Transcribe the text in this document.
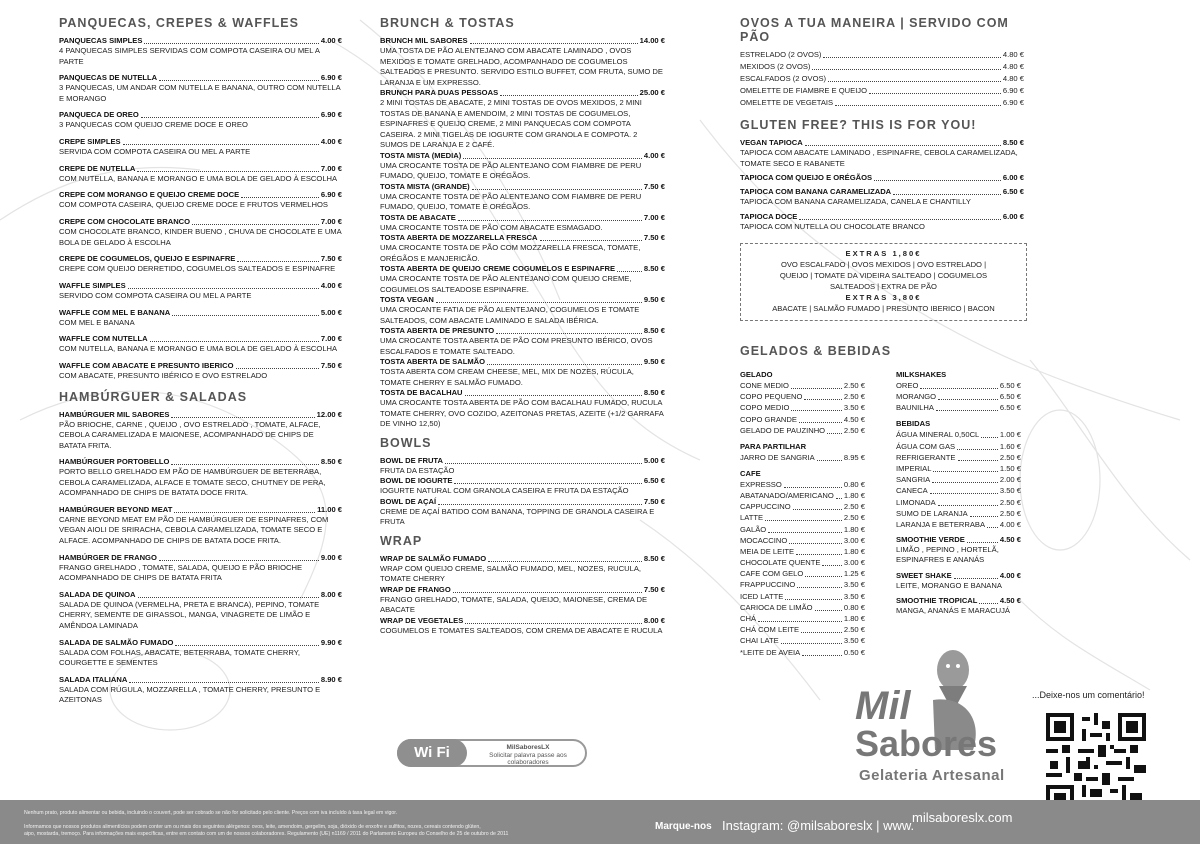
PANQUECAS, CREPES & WAFFLES
PANQUECAS SIMPLES	4.00 €
4 PANQUECAS SIMPLES SERVIDAS COM COMPOTA CASEIRA OU MEL A PARTE
PANQUECAS DE NUTELLA	6.90 €
3 PANQUECAS, UM ANDAR COM NUTELLA E BANANA, OUTRO COM NUTELLA E MORANGO
PANQUECA DE OREO	6.90 €
3 PANQUECAS COM QUEIJO CREME DOCE E OREO
CREPE SIMPLES	4.00 €
SERVIDA COM COMPOTA CASEIRA OU MEL A PARTE
CREPE DE NUTELLA	7.00 €
COM NUTELLA, BANANA E MORANGO E UMA BOLA DE GELADO À ESCOLHA
CREPE COM MORANGO E QUEIJO CREME DOCE	6.90 €
COM COMPOTA CASEIRA, QUEIJO CREME DOCE E FRUTOS VERMELHOS
CREPE COM CHOCOLATE BRANCO	7.00 €
COM CHOCOLATE BRANCO, KINDER BUENO , CHUVA DE CHOCOLATE E UMA BOLA DE GELADO À ESCOLHA
CREPE DE COGUMELOS, QUEIJO E ESPINAFRE	7.50 €
CREPE COM QUEIJO DERRETIDO, COGUMELOS SALTEADOS E ESPINAFRE
WAFFLE SIMPLES	4.00 €
SERVIDO COM COMPOTA CASEIRA OU MEL A PARTE
WAFFLE COM MEL E BANANA	5.00 €
COM MEL E BANANA
WAFFLE COM NUTELLA	7.00 €
COM NUTELLA, BANANA E MORANGO E UMA BOLA DE GELADO À ESCOLHA
WAFFLE COM ABACATE E PRESUNTO IBERICO	7.50 €
COM ABACATE, PRESUNTO IBÉRICO E OVO ESTRELADO
HAMBÚRGUER & SALADAS
HAMBÚRGUER MIL SABORES	12.00 €
PÃO BRIOCHE, CARNE , QUEIJO , OVO ESTRELADO , TOMATE, ALFACE, CEBOLA CARAMELIZADA E MAIONESE, ACOMPANHADO DE CHIPS DE BATATA FRITA.
HAMBÚRGUER PORTOBELLO	8.50 €
PORTO BELLO GRELHADO EM PÃO DE HAMBÚRGUER DE BETERRABA, CEBOLA CARAMELIZADA, ALFACE E TOMATE SECO, CHUTNEY DE PERA, ACOMPANHADO DE CHIPS DE BATATA DOCE FRITA.
HAMBÚRGUER BEYOND MEAT	11.00 €
CARNE BEYOND MEAT EM PÃO DE HAMBÚRGUER DE ESPINAFRES, COM VEGAN AIOLI DE SRIRACHA, CEBOLA CARAMELIZADA, TOMATE SECO E ALFACE. ACOMPANHADO DE CHIPS DE BATATA DOCE FRITA.
HAMBÚRGER DE FRANGO	9.00 €
FRANGO GRELHADO , TOMATE, SALADA, QUEIJO E PÃO BRIOCHE ACOMPANHADO DE CHIPS DE BATATA FRITA
SALADA DE QUINOA	8.00 €
SALADA DE QUINOA (VERMELHA, PRETA E BRANCA), PEPINO, TOMATE CHERRY, SEMENTE DE GIRASSOL, MANGA, VINAGRETE DE LIMÃO E AMÊNDOA LAMINADA
SALADA DE SALMÃO FUMADO	9.90 €
SALADA COM FOLHAS, ABACATE, BETERRABA, TOMATE CHERRY, COURGETTE E SEMENTES
SALADA ITALIANA	8.90 €
SALADA COM RÚGULA, MOZZARELLA , TOMATE CHERRY, PRESUNTO E AZEITONAS
BRUNCH & TOSTAS
BRUNCH MIL SABORES	14.00 €
UMA TOSTA DE PÃO ALENTEJANO COM ABACATE LAMINADO , OVOS MEXIDOS E TOMATE GRELHADO, ACOMPANHADO DE COGUMELOS SALTEADOS E PRESUNTO. SERVIDO ESTILO BUFFET, COM FRUTA, SUMO DE LARANJA E UM EXPRESSO.
BRUNCH PARA DUAS PESSOAS	25.00 €
2 MINI TOSTAS DE ABACATE, 2 MINI TOSTAS DE OVOS MEXIDOS, 2 MINI TOSTAS DE BANANA E AMENDOIM, 2 MINI TOSTAS DE COGUMELOS, ESPINAFRES E QUEIJO CREME, 2 MINI PANQUECAS COM COMPOTA CASEIRA. 2 MINI TIGELAS DE IOGURTE COM GRANOLA E COMPOTA. 2 SUMOS DE LARANJA E 2 CAFÉ.
TOSTA MISTA (MEDIA)	4.00 €
UMA CROCANTE TOSTA DE PÃO ALENTEJANO COM FIAMBRE DE PERU FUMADO, QUEIJO, TOMATE E ORÉGÃOS.
TOSTA MISTA (GRANDE)	7.50 €
UMA CROCANTE TOSTA DE PÃO ALENTEJANO COM FIAMBRE DE PERU FUMADO, QUEIJO, TOMATE E ORÉGÃOS.
TOSTA DE ABACATE	7.00 €
UMA CROCANTE TOSTA DE PÃO COM ABACATE ESMAGADO.
TOSTA ABERTA DE MOZZARELLA FRESCA	7.50 €
UMA CROCANTE TOSTA DE PÃO COM MOZZARELLA FRESCA, TOMATE, ORÉGÃOS E MANJERICÃO.
TOSTA ABERTA DE QUEIJO CREME COGUMELOS E ESPINAFRE	8.50 €
UMA CROCANTE TOSTA DE PÃO ALENTEJANO COM QUEIJO CREME, COGUMELOS SALTEADOSE ESPINAFRE.
TOSTA VEGAN	9.50 €
UMA CROCANTE FATIA DE PÃO ALENTEJANO, COGUMELOS E TOMATE SALTEADOS, COM ABACATE LAMINADO E SALADA IBÉRICA.
TOSTA ABERTA DE PRESUNTO	8.50 €
UMA CROCANTE TOSTA ABERTA DE PÃO COM PRESUNTO IBÉRICO, OVOS ESCALFADOS E TOMATE SALTEADO.
TOSTA ABERTA DE SALMÃO	9.50 €
TOSTA ABERTA COM CREAM CHEESE, MEL, MIX DE NOZES, RÚCULA, TOMATE CHERRY E SALMÃO FUMADO.
TOSTA DE BACALHAU	8.50 €
UMA CROCANTE TOSTA ABERTA DE PÃO COM BACALHAU FUMADO, RUCULA TOMATE CHERRY, OVO COZIDO, AZEITONAS PRETAS, AZEITE (+1/2 GARRAFA DE VINHO 12,50)
BOWLS
BOWL DE FRUTA	5.00 €
FRUTA DA ESTAÇÃO
BOWL DE IOGURTE	6.50 €
IOGURTE NATURAL COM GRANOLA CASEIRA E FRUTA DA ESTAÇÃO
BOWL DE AÇAÍ	7.50 €
CREME DE AÇAÍ BATIDO COM BANANA, TOPPING DE GRANOLA CASEIRA E FRUTA
WRAP
WRAP DE SALMÃO FUMADO	8.50 €
WRAP COM QUEIJO CREME, SALMÃO FUMADO, MEL, NOZES, RUCULA, TOMATE CHERRY
WRAP DE FRANGO	7.50 €
FRANGO GRELHADO, TOMATE, SALADA, QUEIJO, MAIONESE, CREMA DE ABACATE
WRAP DE VEGETALES	8.00 €
COGUMELOS E TOMATES SALTEADOS, COM CREMA DE ABACATE E RUCULA
OVOS A TUA MANEIRA | SERVIDO COM PÃO
ESTRELADO (2 OVOS)	4.80 €
MEXIDOS (2 OVOS)	4.80 €
ESCALFADOS (2 OVOS)	4.80 €
OMELETTE DE FIAMBRE E QUEIJO	6.90 €
OMELETTE DE VEGETAIS	6.90 €
GLUTEN FREE? THIS IS FOR YOU!
VEGAN TAPIOCA	8.50 €
TAPIOCA COM ABACATE LAMINADO , ESPINAFRE, CEBOLA CARAMELIZADA, TOMATE SECO E RABANETE
TAPIOCA COM QUEIJO E ORÉGÃOS	6.00 €
TAPIOCA COM BANANA CARAMELIZADA	6.50 €
TAPIOCA COM BANANA CARAMELIZADA, CANELA E CHANTILLY
TAPIOCA DOCE	6.00 €
TAPIOCA COM NUTELLA OU CHOCOLATE BRANCO
EXTRAS 1,80€
OVO ESCALFADO | OVOS MEXIDOS | OVO ESTRELADO |
QUEIJO | TOMATE DA VIDEIRA SALTEADO | COGUMELOS
SALTEADOS | EXTRA DE PÃO
EXTRAS 3,80€
ABACATE | SALMÃO FUMADO | PRESUNTO IBERICO | BACON
GELADOS & BEBIDAS
GELADO
CONE MEDIO	2.50 €
COPO PEQUENO	2.50 €
COPO MEDIO	3.50 €
COPO GRANDE	4.50 €
GELADO DE PAUZINHO 2.50 €
PARA PARTILHAR
JARRO DE SANGRIA	8.95 €
CAFE
EXPRESSO	0.80 €
ABATANADO/AMERICANO 1.80 €
CAPPUCCINO	2.50 €
LATTE	2.50 €
GALÃO	1.80 €
MOCACCINO	3.00 €
MEIA DE LEITE	1.80 €
CHOCOLATE QUENTE	3.00 €
CAFE COM GELO	1.25 €
FRAPPUCCINO	3.50 €
ICED LATTE	3.50 €
CARIOCA DE LIMÃO	0.80 €
CHÁ	1.80 €
CHÁ COM LEITE	2.50 €
CHAI LATE	3.50 €
*LEITE DE AVEIA	0.50 €
MILKSHAKES
OREO	6.50 €
MORANGO	6.50 €
BAUNILHA	6.50 €
BEBIDAS
ÁGUA MINERAL 0,50CL	1.00 €
ÁGUA COM GAS	1.60 €
REFRIGERANTE	2.50 €
IMPERIAL	1.50 €
SANGRIA	2.00 €
CANECA	3.50 €
LIMONADA	2.50 €
SUMO DE LARANJA	2.50 €
LARANJA E BETERRABA 4.00 €
SMOOTHIE VERDE	4.50 €
LIMÃO , PEPINO , HORTELÃ, ESPINAFRES E ANANÁS
SWEET SHAKE	4.00 €
LEITE, MORANGO E BANANA
SMOOTHIE TROPICAL	4.50 €
MANGA, ANANÁS E MARACUJÁ
Wi Fi	MilSaboresLX
Solicitar palavra passe aos
colaboradores
Mil
Sabores
Gelateria Artesanal
...Deixe-nos um comentário!
Nenhum prato, produto alimentar ou bebida, incluindo o couvert, pode ser cobrado se não for solicitado pelo cliente. Preços com iva incluído à taxa legal em vigor.
Informamos que nossos produtos alimentícios podem conter um ou mais dos seguintes alérgenos: ovos, leite, amendoim, gergelim, soja, dióxido de enxofre e sulfitos, nozes, cereais contendo glúten,
aipo, mostarda, tremoço. Para informações mais específicas, entre em contato com um de nossos colaboradores. Regulamento (UE) n1169 / 2011 do Parlamento Europeu do Conselho de 25 de outubro de 2011
Marque-nos Instagram: @milsaboreslx | www.
milsaboreslx.com
